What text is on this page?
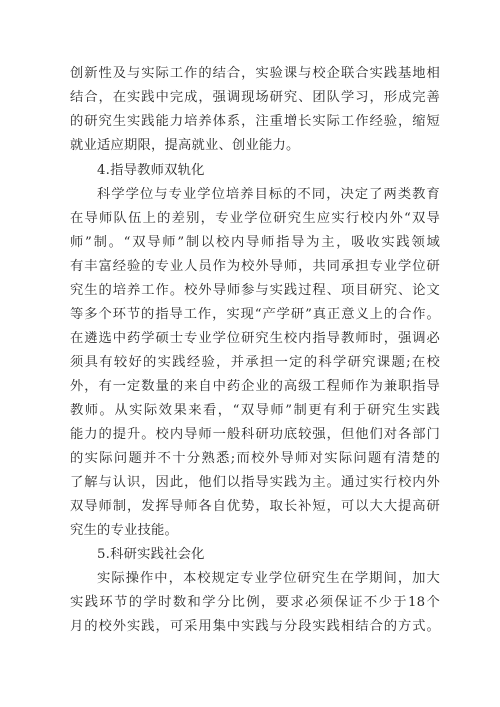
创新性及与实际工作的结合，实验课与校企联合实践基地相
结合，在实践中完成，强调现场研究、团队学习，形成完善
的研究生实践能力培养体系，注重增长实际工作经验，缩短
就业适应期限，提高就业、创业能力。
4.指导教师双轨化
科学学位与专业学位培养目标的不同，决定了两类教育
在导师队伍上的差别，专业学位研究生应实行校内外“双导
师”制。“双导师”制以校内导师指导为主，吸收实践领域
有丰富经验的专业人员作为校外导师，共同承担专业学位研
究生的培养工作。校外导师参与实践过程、项目研究、论文
等多个环节的指导工作，实现“产学研”真正意义上的合作。
在遴选中药学硕士专业学位研究生校内指导教师时，强调必
须具有较好的实践经验，并承担一定的科学研究课题;在校
外，有一定数量的来自中药企业的高级工程师作为兼职指导
教师。从实际效果来看，“双导师”制更有利于研究生实践
能力的提升。校内导师一般科研功底较强，但他们对各部门
的实际问题并不十分熟悉;而校外导师对实际问题有清楚的
了解与认识，因此，他们以指导实践为主。通过实行校内外
双导师制，发挥导师各自优势，取长补短，可以大大提高研
究生的专业技能。
5.科研实践社会化
实际操作中，本校规定专业学位研究生在学期间，加大
实践环节的学时数和学分比例，要求必须保证不少于18个
月的校外实践，可采用集中实践与分段实践相结合的方式。
